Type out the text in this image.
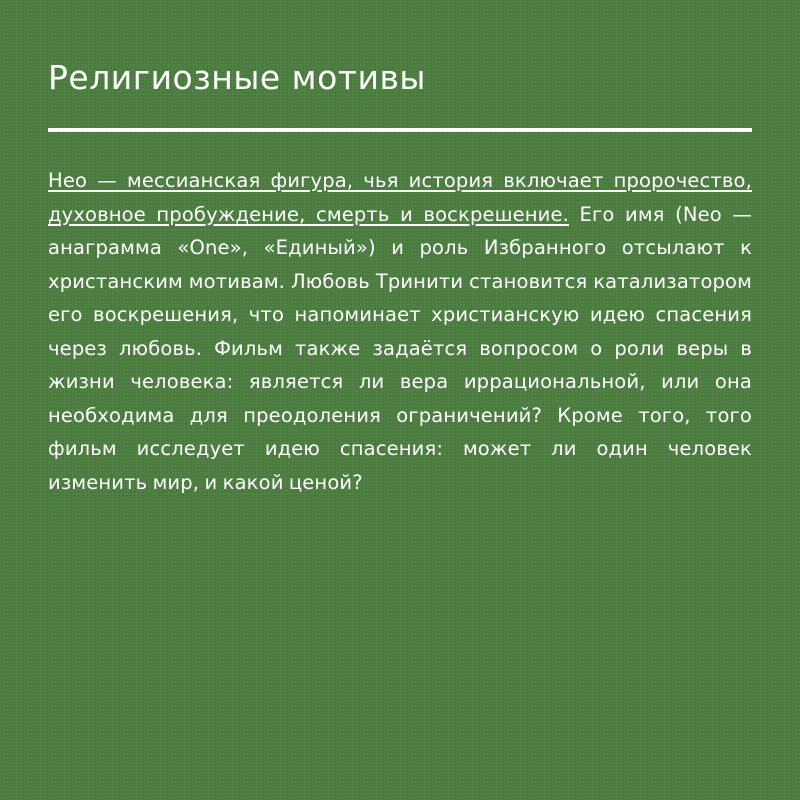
Религиозные мотивы

Нео — мессианская фигура, чья история включает пророчество, духовное пробуждение, смерть и воскрешение. Его имя (Neo — анаграмма «One», «Единый») и роль Избранного отсылают к христанским мотивам. Любовь Тринити становится катализатором его воскрешения, что напоминает христианскую идею спасения через любовь. Фильм также задаётся вопросом о роли веры в жизни человека: является ли вера иррациональной, или она необходима для преодоления ограничений? Кроме того, того фильм исследует идею спасения: может ли один человек изменить мир, и какой ценой?
